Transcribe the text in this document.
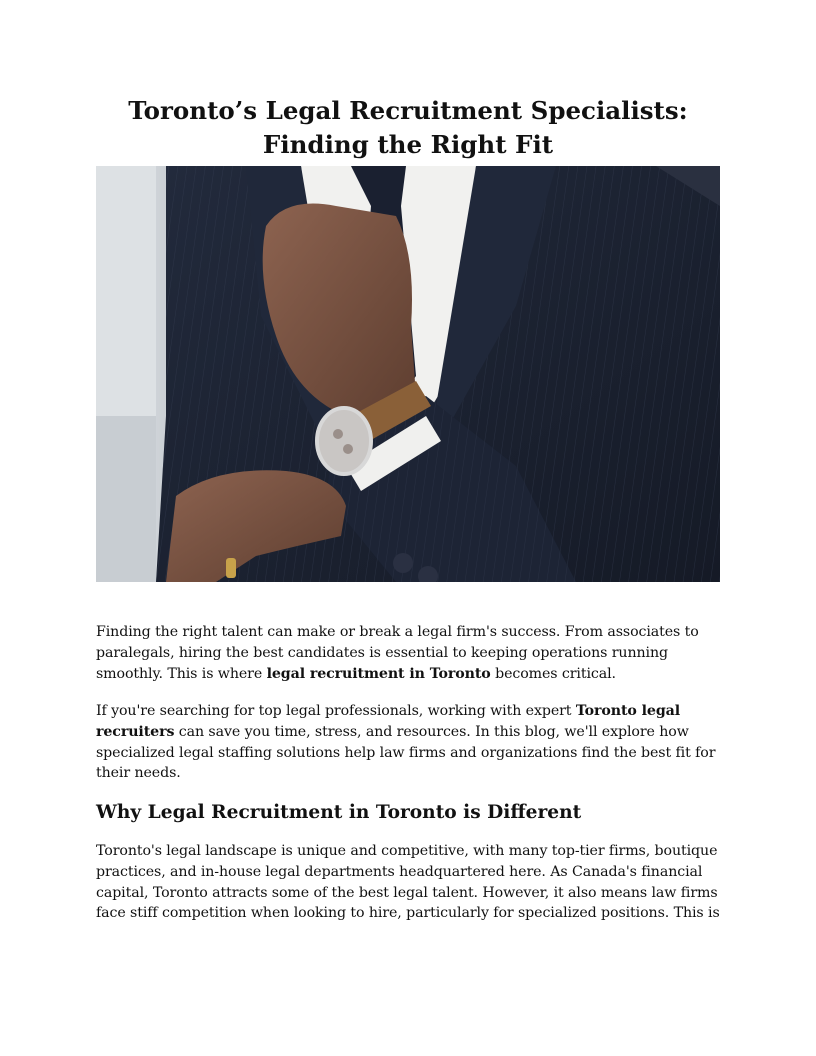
Toronto’s Legal Recruitment Specialists:
Finding the Right Fit

Finding the right talent can make or break a legal firm's success. From associates to paralegals, hiring the best candidates is essential to keeping operations running smoothly. This is where legal recruitment in Toronto becomes critical.

If you're searching for top legal professionals, working with expert Toronto legal recruiters can save you time, stress, and resources. In this blog, we'll explore how specialized legal staffing solutions help law firms and organizations find the best fit for their needs.

Why Legal Recruitment in Toronto is Different

Toronto's legal landscape is unique and competitive, with many top-tier firms, boutique practices, and in-house legal departments headquartered here. As Canada's financial capital, Toronto attracts some of the best legal talent. However, it also means law firms face stiff competition when looking to hire, particularly for specialized positions. This is
